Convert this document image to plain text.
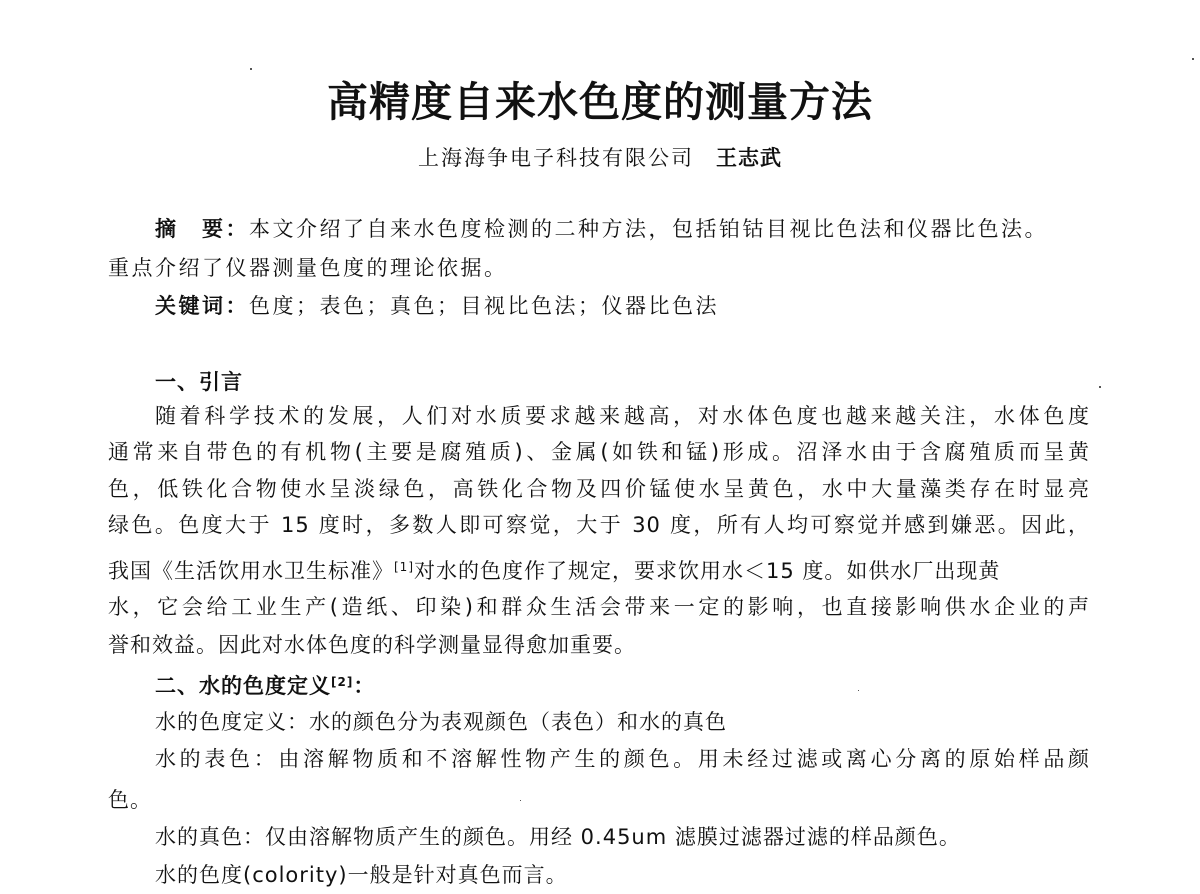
高精度自来水色度的测量方法
上海海争电子科技有限公司 王志武
摘　要：本文介绍了自来水色度检测的二种方法，包括铂钴目视比色法和仪器比色法。
重点介绍了仪器测量色度的理论依据。
关键词：色度；表色；真色；目视比色法；仪器比色法
一、引言
随着科学技术的发展，人们对水质要求越来越高，对水体色度也越来越关注，水体色度
通常来自带色的有机物(主要是腐殖质)、金属(如铁和锰)形成。沼泽水由于含腐殖质而呈黄
色，低铁化合物使水呈淡绿色，高铁化合物及四价锰使水呈黄色，水中大量藻类存在时显亮
绿色。色度大于 15 度时，多数人即可察觉，大于 30 度，所有人均可察觉并感到嫌恶。因此，
我国《生活饮用水卫生标准》[1]对水的色度作了规定，要求饮用水＜15 度。如供水厂出现黄
水，它会给工业生产(造纸、印染)和群众生活会带来一定的影响，也直接影响供水企业的声
誉和效益。因此对水体色度的科学测量显得愈加重要。
二、水的色度定义[2]：
水的色度定义：水的颜色分为表观颜色（表色）和水的真色
水的表色：由溶解物质和不溶解性物产生的颜色。用未经过滤或离心分离的原始样品颜
色。
水的真色：仅由溶解物质产生的颜色。用经 0.45um 滤膜过滤器过滤的样品颜色。
水的色度(colority)一般是针对真色而言。
